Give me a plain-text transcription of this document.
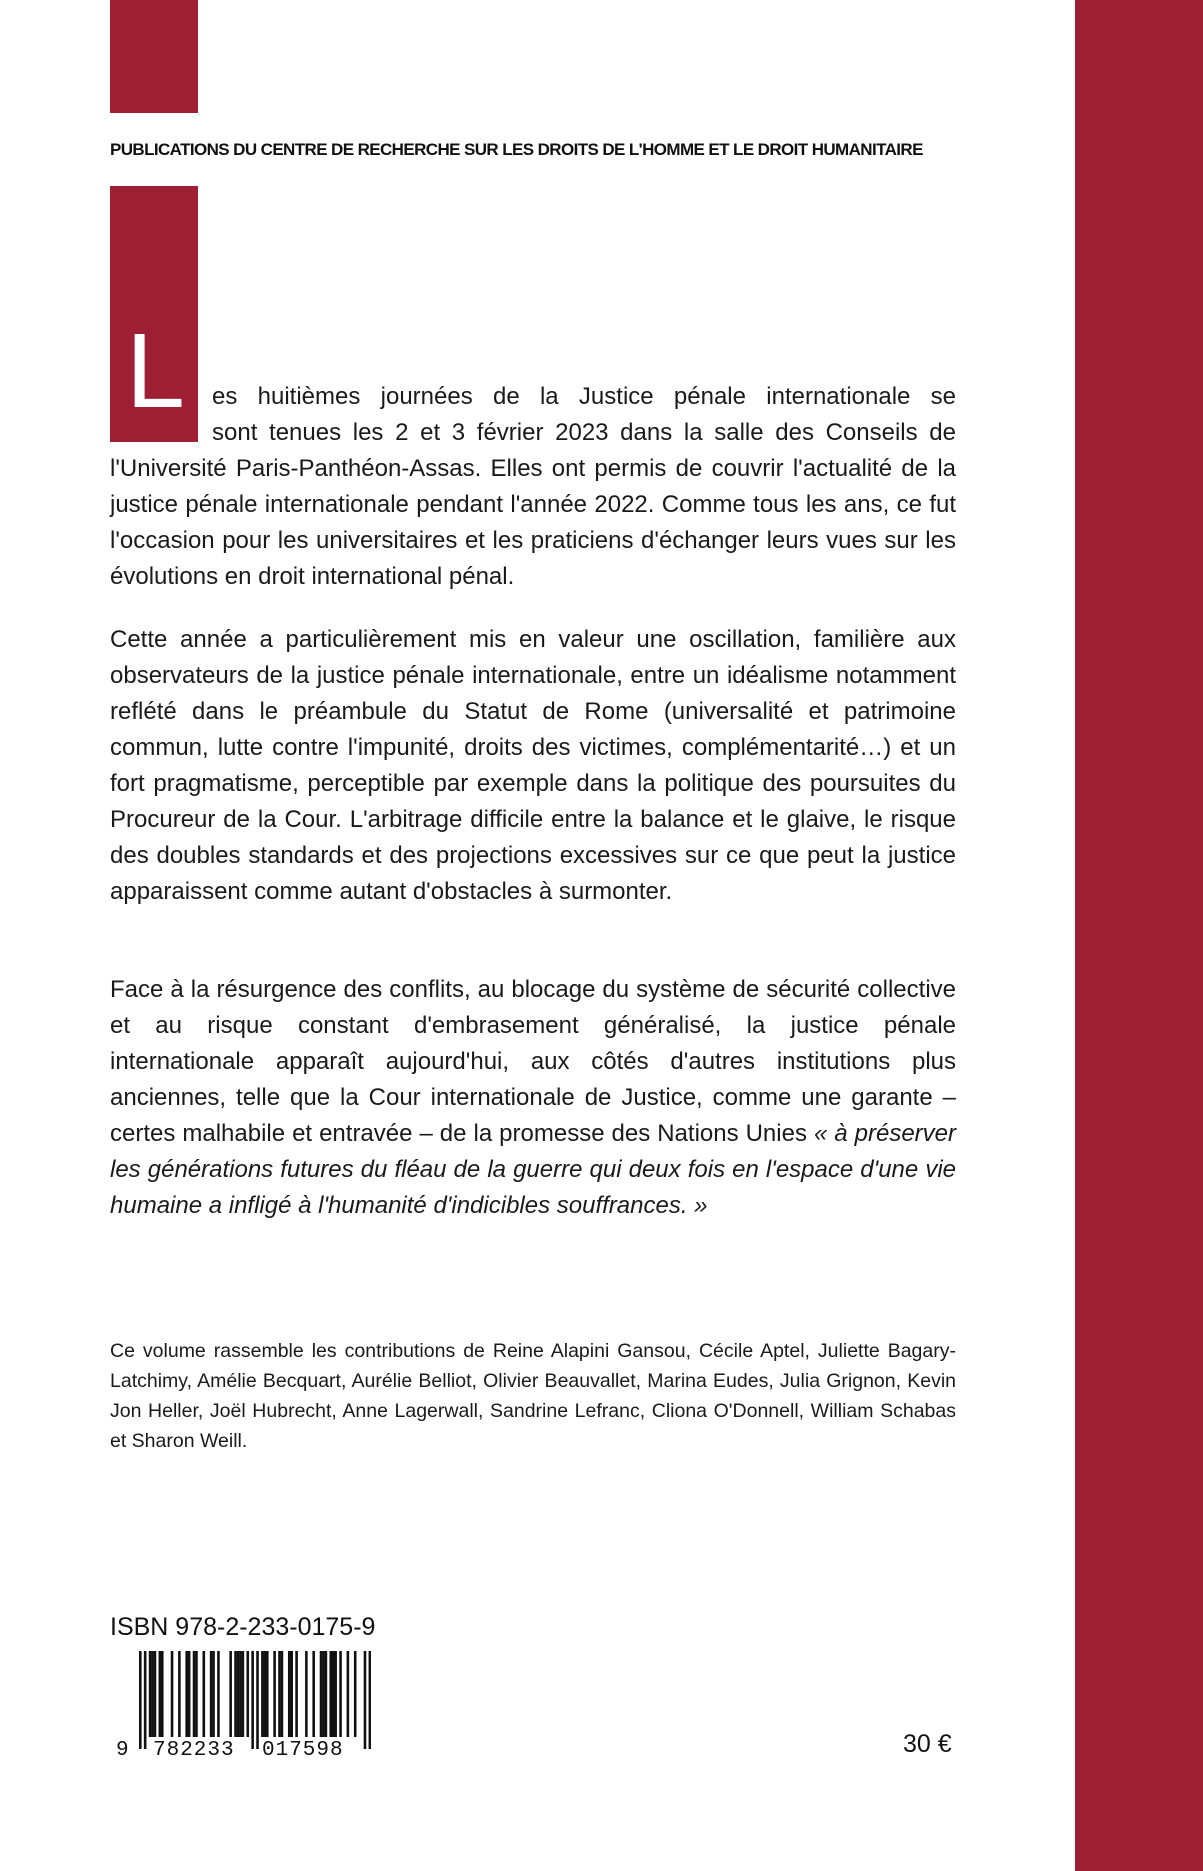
PUBLICATIONS DU CENTRE DE RECHERCHE SUR LES DROITS DE L'HOMME ET LE DROIT HUMANITAIRE
L es huitièmes journées de la Justice pénale internationale se

sont tenues les 2 et 3 février 2023 dans la salle des Conseils de

l'Université Paris-Panthéon-Assas. Elles ont permis de couvrir l'actualité de la justice pénale internationale pendant l'année 2022. Comme tous les ans, ce fut l'occasion pour les universitaires et les praticiens d'échanger leurs vues sur les évolutions en droit international pénal.

Cette année a particulièrement mis en valeur une oscillation, familière aux observateurs de la justice pénale internationale, entre un idéalisme notamment reflété dans le préambule du Statut de Rome (universalité et patrimoine commun, lutte contre l'impunité, droits des victimes, complémentarité…) et un fort pragmatisme, perceptible par exemple dans la politique des poursuites du Procureur de la Cour. L'arbitrage difficile entre la balance et le glaive, le risque des doubles standards et des projections excessives sur ce que peut la justice apparaissent comme autant d'obstacles à surmonter.

Face à la résurgence des conflits, au blocage du système de sécurité collective et au risque constant d'embrasement généralisé, la justice pénale internationale apparaît aujourd'hui, aux côtés d'autres institutions plus anciennes, telle que la Cour internationale de Justice, comme une garante – certes malhabile et entravée – de la promesse des Nations Unies « à préserver les générations futures du fléau de la guerre qui deux fois en l'espace d'une vie humaine a infligé à l'humanité d'indicibles souffrances. »

Ce volume rassemble les contributions de Reine Alapini Gansou, Cécile Aptel, Juliette Bagary-Latchimy, Amélie Becquart, Aurélie Belliot, Olivier Beauvallet, Marina Eudes, Julia Grignon, Kevin Jon Heller, Joël Hubrecht, Anne Lagerwall, Sandrine Lefranc, Cliona O'Donnell, William Schabas et Sharon Weill.

ISBN 978-2-233-0175-9
9 782233 017598	30 €
